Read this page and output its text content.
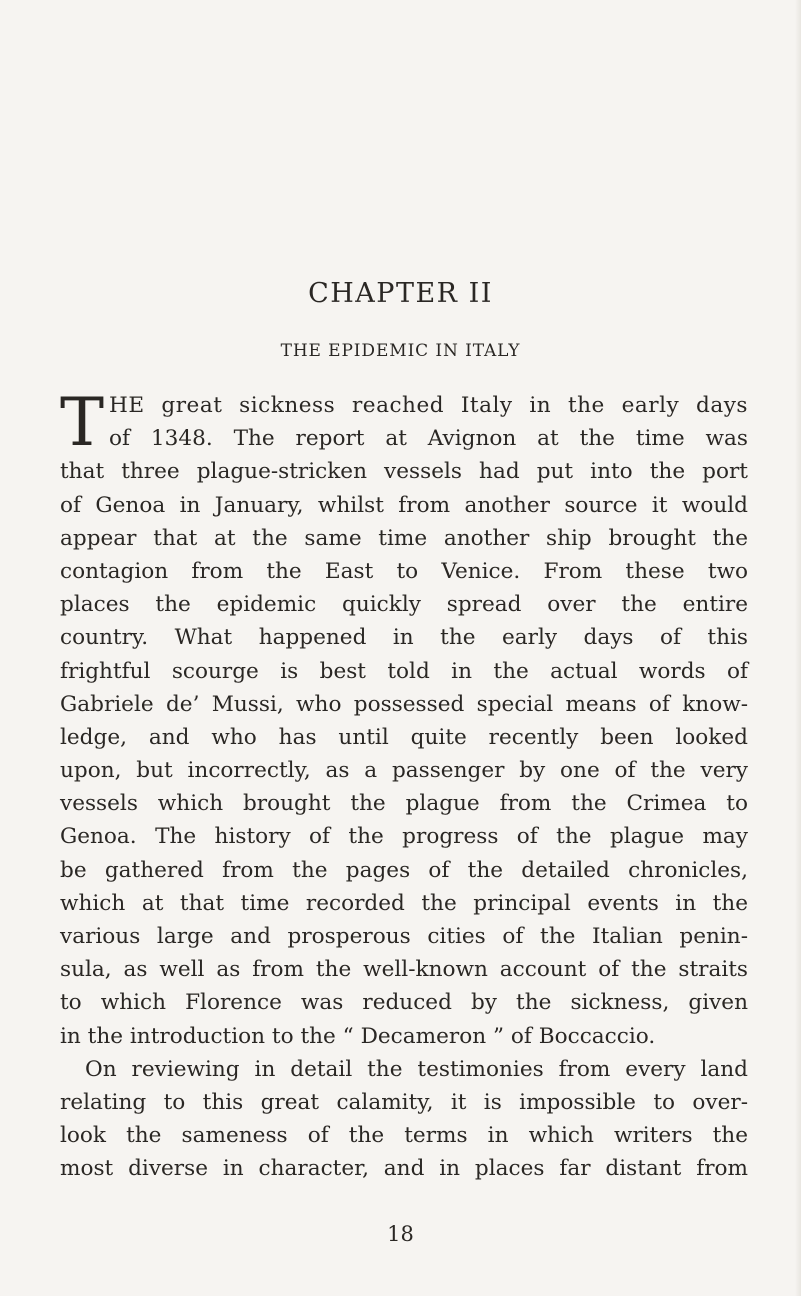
CHAPTER II
THE EPIDEMIC IN ITALY
T HE great sickness reached Italy in the early days
of 1348. The report at Avignon at the time was
that three plague-stricken vessels had put into the port
of Genoa in January, whilst from another source it would
appear that at the same time another ship brought the
contagion from the East to Venice. From these two
places the epidemic quickly spread over the entire
country. What happened in the early days of this
frightful scourge is best told in the actual words of
Gabriele de’ Mussi, who possessed special means of know-
ledge, and who has until quite recently been looked
upon, but incorrectly, as a passenger by one of the very
vessels which brought the plague from the Crimea to
Genoa. The history of the progress of the plague may
be gathered from the pages of the detailed chronicles,
which at that time recorded the principal events in the
various large and prosperous cities of the Italian penin-
sula, as well as from the well-known account of the straits
to which Florence was reduced by the sickness, given
in the introduction to the “ Decameron ” of Boccaccio.
On reviewing in detail the testimonies from every land
relating to this great calamity, it is impossible to over-
look the sameness of the terms in which writers the
most diverse in character, and in places far distant from
18
